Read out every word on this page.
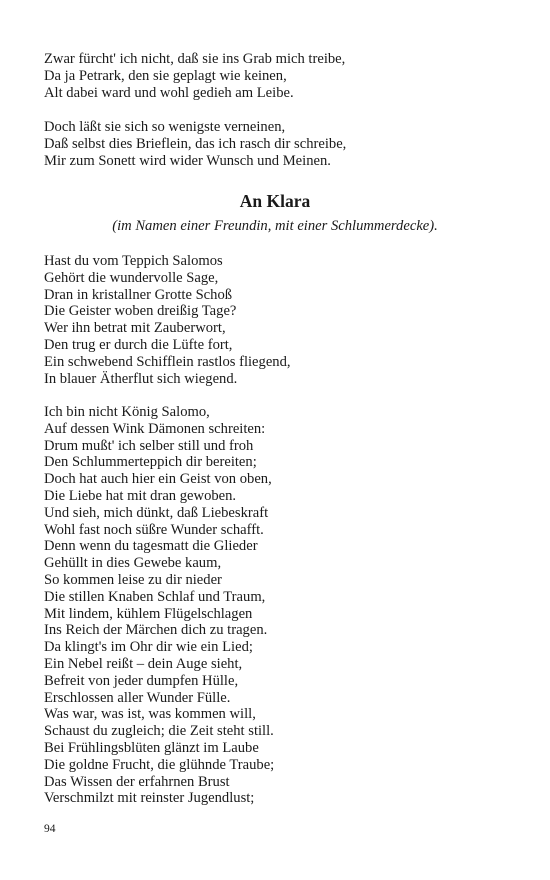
Zwar fürcht' ich nicht, daß sie ins Grab mich treibe,
Da ja Petrark, den sie geplagt wie keinen,
Alt dabei ward und wohl gedieh am Leibe.
Doch läßt sie sich so wenigste verneinen,
Daß selbst dies Brieflein, das ich rasch dir schreibe,
Mir zum Sonett wird wider Wunsch und Meinen.
An Klara

(im Namen einer Freundin, mit einer Schlummerdecke).

Hast du vom Teppich Salomos
Gehört die wundervolle Sage,
Dran in kristallner Grotte Schoß
Die Geister woben dreißig Tage?
Wer ihn betrat mit Zauberwort,
Den trug er durch die Lüfte fort,
Ein schwebend Schifflein rastlos fliegend,
In blauer Ätherflut sich wiegend.
Ich bin nicht König Salomo,
Auf dessen Wink Dämonen schreiten:
Drum mußt' ich selber still und froh
Den Schlummerteppich dir bereiten;
Doch hat auch hier ein Geist von oben,
Die Liebe hat mit dran gewoben.
Und sieh, mich dünkt, daß Liebeskraft
Wohl fast noch süßre Wunder schafft.
Denn wenn du tagesmatt die Glieder
Gehüllt in dies Gewebe kaum,
So kommen leise zu dir nieder
Die stillen Knaben Schlaf und Traum,
Mit lindem, kühlem Flügelschlagen
Ins Reich der Märchen dich zu tragen.
Da klingt's im Ohr dir wie ein Lied;
Ein Nebel reißt – dein Auge sieht,
Befreit von jeder dumpfen Hülle,
Erschlossen aller Wunder Fülle.
Was war, was ist, was kommen will,
Schaust du zugleich; die Zeit steht still.
Bei Frühlingsblüten glänzt im Laube
Die goldne Frucht, die glühnde Traube;
Das Wissen der erfahrnen Brust
Verschmilzt mit reinster Jugendlust;
94
